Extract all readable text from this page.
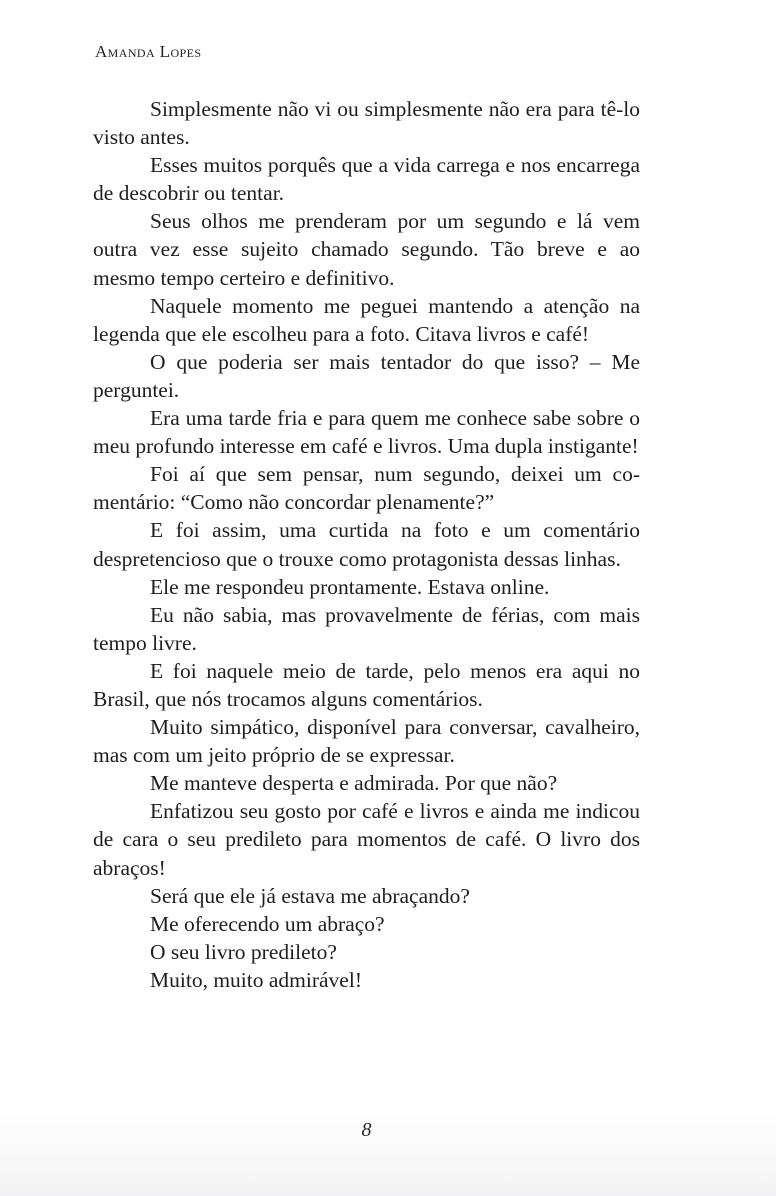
Amanda Lopes

Simplesmente não vi ou simplesmente não era para tê-lo visto antes.

Esses muitos porquês que a vida carrega e nos encarrega de descobrir ou tentar.

Seus olhos me prenderam por um segundo e lá vem outra vez esse sujeito chamado segundo. Tão breve e ao mesmo tempo certeiro e definitivo.

Naquele momento me peguei mantendo a atenção na legenda que ele escolheu para a foto. Citava livros e café!

O que poderia ser mais tentador do que isso? – Me perguntei.

Era uma tarde fria e para quem me conhece sabe sobre o meu profundo interesse em café e livros. Uma dupla instigante!

Foi aí que sem pensar, num segundo, deixei um comentário: “Como não concordar plenamente?”

E foi assim, uma curtida na foto e um comentário despretencioso que o trouxe como protagonista dessas linhas.

Ele me respondeu prontamente. Estava online.

Eu não sabia, mas provavelmente de férias, com mais tempo livre.

E foi naquele meio de tarde, pelo menos era aqui no Brasil, que nós trocamos alguns comentários.

Muito simpático, disponível para conversar, cavalheiro, mas com um jeito próprio de se expressar.

Me manteve desperta e admirada. Por que não?

Enfatizou seu gosto por café e livros e ainda me indicou de cara o seu predileto para momentos de café. O livro dos abraços!

Será que ele já estava me abraçando?

Me oferecendo um abraço?

O seu livro predileto?

Muito, muito admirável!

8
